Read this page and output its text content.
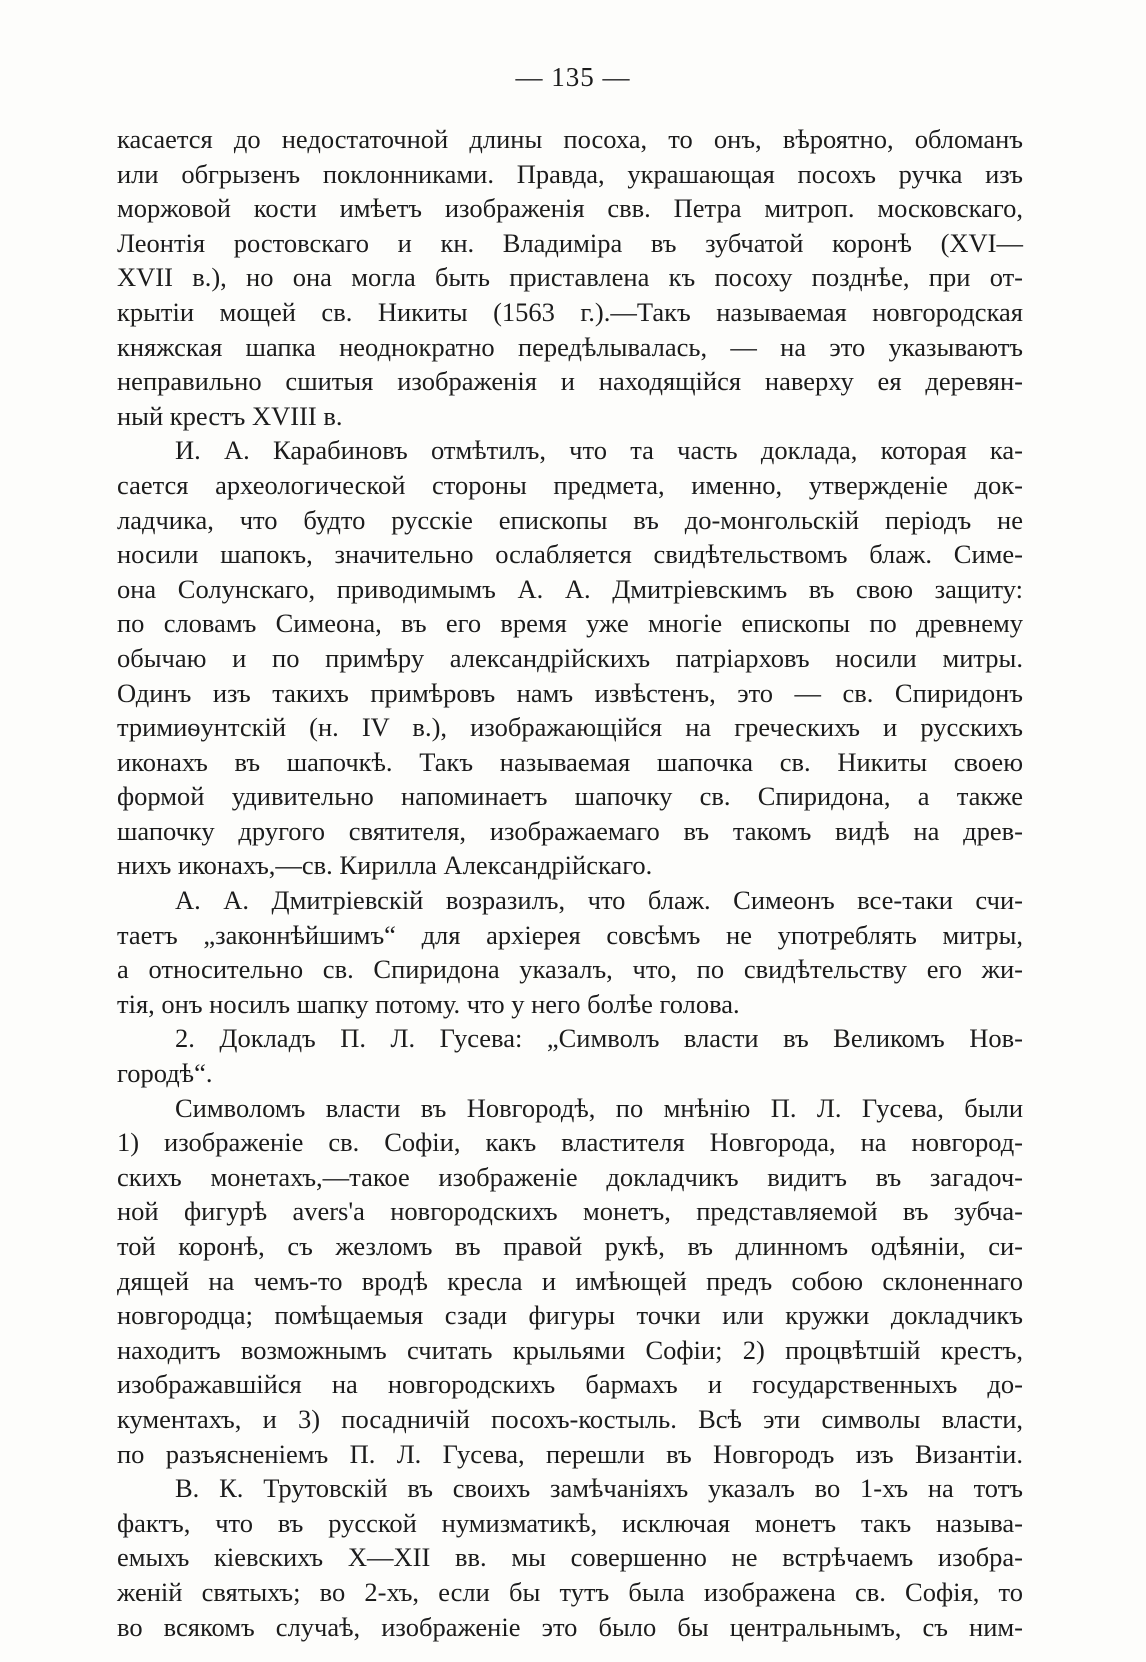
— 135 —
касается до недостаточной длины посоха, то онъ, вѣроятно, обломанъ
или обгрызенъ поклонниками. Правда, украшающая посохъ ручка изъ
моржовой кости имѣетъ изображенія свв. Петра митроп. московскаго,
Леонтія ростовскаго и кн. Владиміра въ зубчатой коронѣ (XVI—
XVII в.), но она могла быть приставлена къ посоху позднѣе, при от-
крытіи мощей св. Никиты (1563 г.).—Такъ называемая новгородская
княжская шапка неоднократно передѣлывалась, — на это указываютъ
неправильно сшитыя изображенія и находящійся наверху ея деревян-
ный крестъ XVIII в.
И. А. Карабиновъ отмѣтилъ, что та часть доклада, которая ка-
сается археологической стороны предмета, именно, утвержденіе док-
ладчика, что будто русскіе епископы въ до-монгольскій періодъ не
носили шапокъ, значительно ослабляется свидѣтельствомъ блаж. Симе-
она Солунскаго, приводимымъ А. А. Дмитріевскимъ въ свою защиту:
по словамъ Симеона, въ его время уже многіе епископы по древнему
обычаю и по примѣру александрійскихъ патріарховъ носили митры.
Одинъ изъ такихъ примѣровъ намъ извѣстенъ, это — св. Спиридонъ
тримиѳунтскій (н. IV в.), изображающійся на греческихъ и русскихъ
иконахъ въ шапочкѣ. Такъ называемая шапочка св. Никиты своею
формой удивительно напоминаетъ шапочку св. Спиридона, а также
шапочку другого святителя, изображаемаго въ такомъ видѣ на древ-
нихъ иконахъ,—св. Кирилла Александрійскаго.
А. А. Дмитріевскій возразилъ, что блаж. Симеонъ все-таки счи-
таетъ „законнѣйшимъ“ для архіерея совсѣмъ не употреблять митры,
а относительно св. Спиридона указалъ, что, по свидѣтельству его жи-
тія, онъ носилъ шапку потому. что у него болѣе голова.
2. Докладъ П. Л. Гусева: „Символъ власти въ Великомъ Нов-
городѣ“.
Символомъ власти въ Новгородѣ, по мнѣнію П. Л. Гусева, были
1) изображеніе св. Софіи, какъ властителя Новгорода, на новгород-
скихъ монетахъ,—такое изображеніе докладчикъ видитъ въ загадоч-
ной фигурѣ avers'а новгородскихъ монетъ, представляемой въ зубча-
той коронѣ, съ жезломъ въ правой рукѣ, въ длинномъ одѣяніи, си-
дящей на чемъ-то вродѣ кресла и имѣющей предъ собою склоненнаго
новгородца; помѣщаемыя сзади фигуры точки или кружки докладчикъ
находитъ возможнымъ считать крыльями Софіи; 2) процвѣтшій крестъ,
изображавшійся на новгородскихъ бармахъ и государственныхъ до-
кументахъ, и 3) посадничій посохъ-костыль. Всѣ эти символы власти,
по разъясненіемъ П. Л. Гусева, перешли въ Новгородъ изъ Византіи.
В. К. Трутовскій въ своихъ замѣчаніяхъ указалъ во 1-хъ на тотъ
фактъ, что въ русской нумизматикѣ, исключая монетъ такъ называ-
емыхъ кіевскихъ X—XII вв. мы совершенно не встрѣчаемъ изобра-
женій святыхъ; во 2-хъ, если бы тутъ была изображена св. Софія, то
во всякомъ случаѣ, изображеніе это было бы центральнымъ, съ ним-
